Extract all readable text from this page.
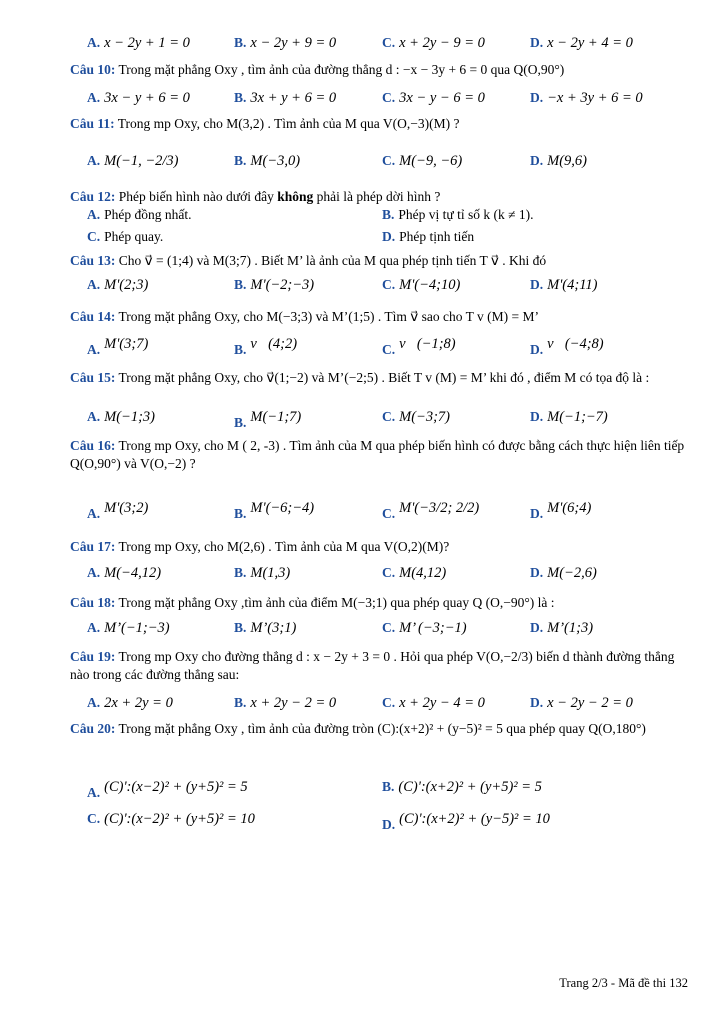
A. x − 2y + 1 = 0	B. x − 2y + 9 = 0	C. x + 2y − 9 = 0	D. x − 2y + 4 = 0
Câu 10: Trong mặt phẳng Oxy , tìm ảnh của đường thẳng d : −x − 3y + 6 = 0 qua Q(O,90°)
A. 3x − y + 6 = 0	B. 3x + y + 6 = 0	C. 3x − y − 6 = 0	D. −x + 3y + 6 = 0
Câu 11: Trong mp Oxy, cho M(3,2) . Tìm ảnh của M qua V(O,−3)(M) ?
A. M(−1, −2/3)	B. M(−3,0)	C. M(−9, −6)	D. M(9,6)
Câu 12: Phép biến hình nào dưới đây không phải là phép dời hình ?
A. Phép đồng nhất.	B. Phép vị tự tỉ số k (k ≠ 1).
C. Phép quay.	D. Phép tịnh tiến
Câu 13: Cho v⃗ = (1;4) và M(3;7) . Biết M’ là ảnh của M qua phép tịnh tiến T v⃗ . Khi đó
A. M'(2;3)	B. M'(−2;−3)	C. M'(−4;10)	D. M'(4;11)
Câu 14: Trong mặt phẳng Oxy, cho M(−3;3) và M’(1;5) . Tìm v⃗ sao cho T v (M) = M’
A. M'(3;7)	B. v⃗(4;2)	C. v⃗(−1;8)	D. v⃗(−4;8)
Câu 15: Trong mặt phẳng Oxy, cho v⃗(1;−2) và M’(−2;5) . Biết T v (M) = M’ khi đó , điểm M có tọa độ là :
A. M(−1;3)	B. M(−1;7)	C. M(−3;7)	D. M(−1;−7)
Câu 16: Trong mp Oxy, cho M ( 2, -3) . Tìm ảnh của M qua phép biến hình có được bằng cách thực hiện liên tiếp Q(O,90°) và V(O,−2) ?
A. M'(3;2)	B. M'(−6;−4)	C. M'(−3/2; 2/2)	D. M'(6;4)
Câu 17: Trong mp Oxy, cho M(2,6) . Tìm ảnh của M qua V(O,2)(M)?
A. M(−4,12)	B. M(1,3)	C. M(4,12)	D. M(−2,6)
Câu 18: Trong mặt phẳng Oxy ,tìm ảnh của điểm M(−3;1) qua phép quay Q (O,−90°) là :
A. M’(−1;−3)	B. M’(3;1)	C. M’ (−3;−1)	D. M’(1;3)
Câu 19: Trong mp Oxy cho đường thẳng d : x − 2y + 3 = 0 . Hỏi qua phép V(O,−2/3) biến d thành đường thẳng nào trong các đường thẳng sau:
A. 2x + 2y = 0	B. x + 2y − 2 = 0	C. x + 2y − 4 = 0	D. x − 2y − 2 = 0
Câu 20: Trong mặt phẳng Oxy , tìm ảnh của đường tròn (C):(x+2)² + (y−5)² = 5 qua phép quay Q(O,180°)
A. (C)':(x−2)² + (y+5)² = 5	B. (C)':(x+2)² + (y+5)² = 5
C. (C)':(x−2)² + (y+5)² = 10	D. (C)':(x+2)² + (y−5)² = 10
Trang 2/3 - Mã đề thi 132
